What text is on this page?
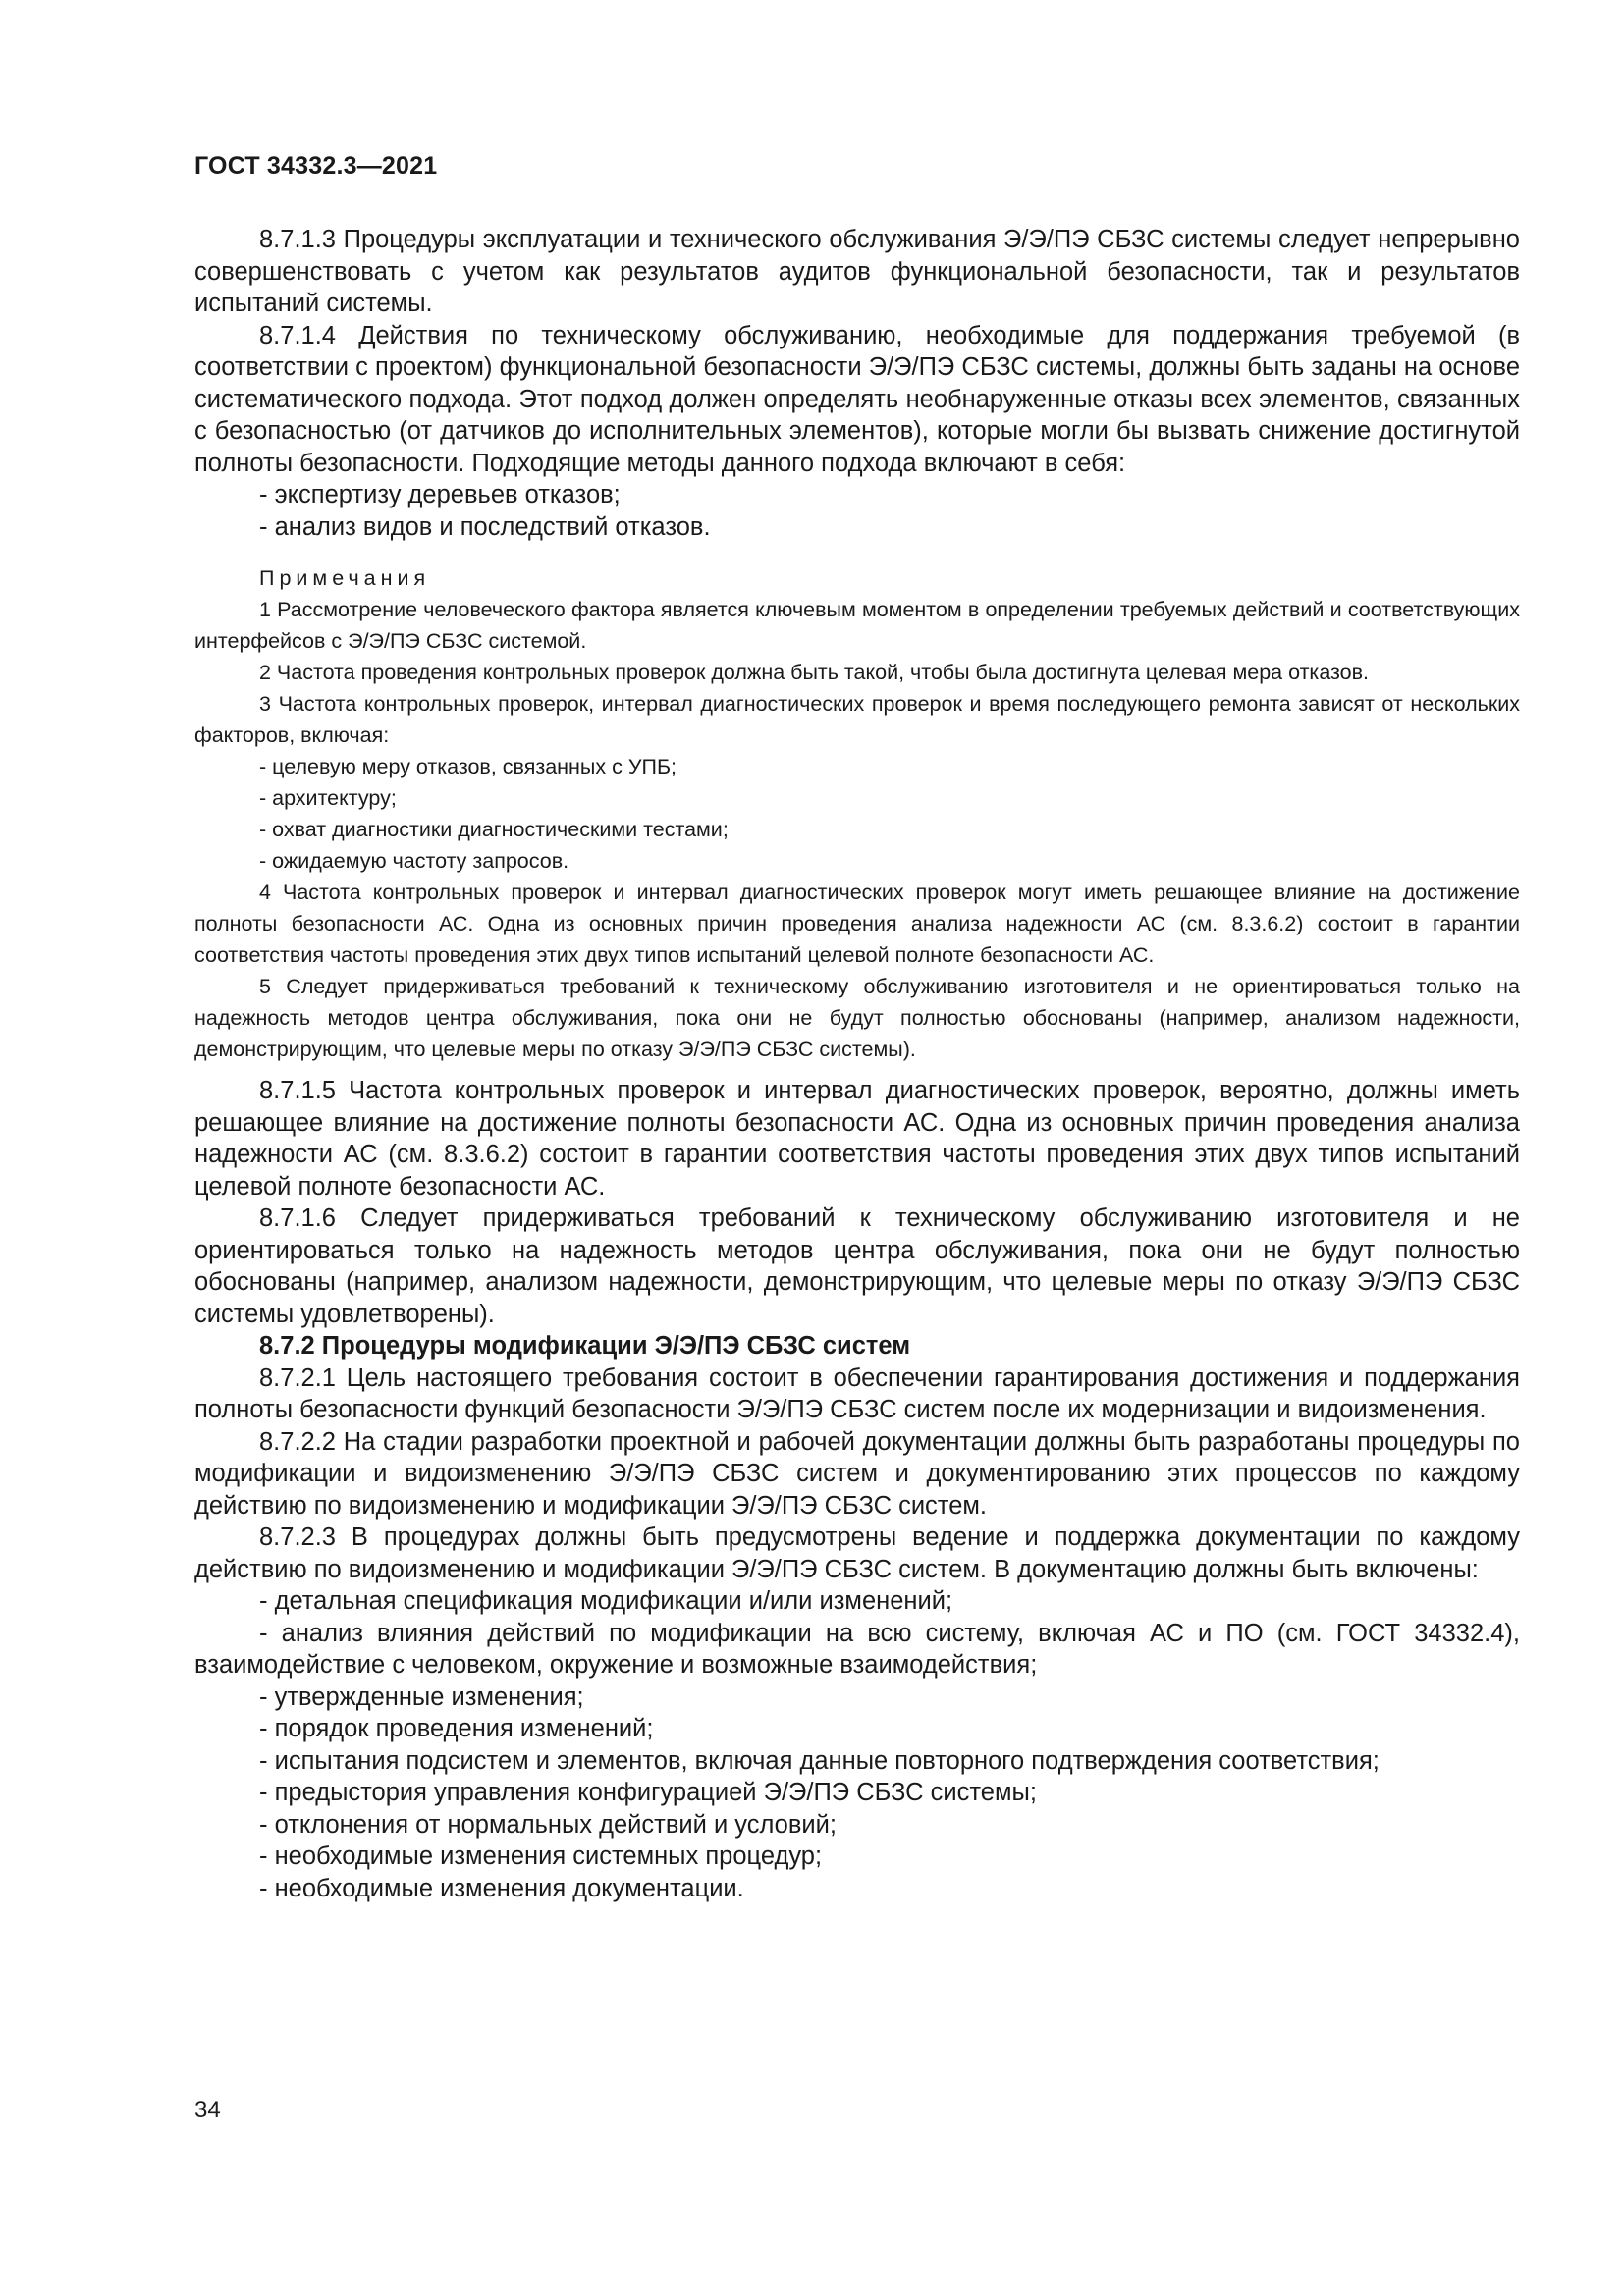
ГОСТ 34332.3—2021

8.7.1.3 Процедуры эксплуатации и технического обслуживания Э/Э/ПЭ СБЗС системы следует непрерывно совершенствовать с учетом как результатов аудитов функциональной безопасности, так и результатов испытаний системы.

8.7.1.4 Действия по техническому обслуживанию, необходимые для поддержания требуемой (в соответствии с проектом) функциональной безопасности Э/Э/ПЭ СБЗС системы, должны быть заданы на основе систематического подхода. Этот подход должен определять необнаруженные отказы всех элементов, связанных с безопасностью (от датчиков до исполнительных элементов), которые могли бы вызвать снижение достигнутой полноты безопасности. Подходящие методы данного подхода включают в себя:

- экспертизу деревьев отказов;

- анализ видов и последствий отказов.

Примечания

1 Рассмотрение человеческого фактора является ключевым моментом в определении требуемых действий и соответствующих интерфейсов с Э/Э/ПЭ СБЗС системой.

2 Частота проведения контрольных проверок должна быть такой, чтобы была достигнута целевая мера отказов.

3 Частота контрольных проверок, интервал диагностических проверок и время последующего ремонта зависят от нескольких факторов, включая:

- целевую меру отказов, связанных с УПБ;

- архитектуру;

- охват диагностики диагностическими тестами;

- ожидаемую частоту запросов.

4 Частота контрольных проверок и интервал диагностических проверок могут иметь решающее влияние на достижение полноты безопасности АС. Одна из основных причин проведения анализа надежности АС (см. 8.3.6.2) состоит в гарантии соответствия частоты проведения этих двух типов испытаний целевой полноте безопасности АС.

5 Следует придерживаться требований к техническому обслуживанию изготовителя и не ориентироваться только на надежность методов центра обслуживания, пока они не будут полностью обоснованы (например, анализом надежности, демонстрирующим, что целевые меры по отказу Э/Э/ПЭ СБЗС системы).

8.7.1.5 Частота контрольных проверок и интервал диагностических проверок, вероятно, должны иметь решающее влияние на достижение полноты безопасности АС. Одна из основных причин проведения анализа надежности АС (см. 8.3.6.2) состоит в гарантии соответствия частоты проведения этих двух типов испытаний целевой полноте безопасности АС.

8.7.1.6 Следует придерживаться требований к техническому обслуживанию изготовителя и не ориентироваться только на надежность методов центра обслуживания, пока они не будут полностью обоснованы (например, анализом надежности, демонстрирующим, что целевые меры по отказу Э/Э/ПЭ СБЗС системы удовлетворены).

8.7.2 Процедуры модификации Э/Э/ПЭ СБЗС систем

8.7.2.1 Цель настоящего требования состоит в обеспечении гарантирования достижения и поддержания полноты безопасности функций безопасности Э/Э/ПЭ СБЗС систем после их модернизации и видоизменения.

8.7.2.2 На стадии разработки проектной и рабочей документации должны быть разработаны процедуры по модификации и видоизменению Э/Э/ПЭ СБЗС систем и документированию этих процессов по каждому действию по видоизменению и модификации Э/Э/ПЭ СБЗС систем.

8.7.2.3 В процедурах должны быть предусмотрены ведение и поддержка документации по каждому действию по видоизменению и модификации Э/Э/ПЭ СБЗС систем. В документацию должны быть включены:

- детальная спецификация модификации и/или изменений;

- анализ влияния действий по модификации на всю систему, включая АС и ПО (см. ГОСТ 34332.4), взаимодействие с человеком, окружение и возможные взаимодействия;

- утвержденные изменения;

- порядок проведения изменений;

- испытания подсистем и элементов, включая данные повторного подтверждения соответствия;

- предыстория управления конфигурацией Э/Э/ПЭ СБЗС системы;

- отклонения от нормальных действий и условий;

- необходимые изменения системных процедур;

- необходимые изменения документации.

34
